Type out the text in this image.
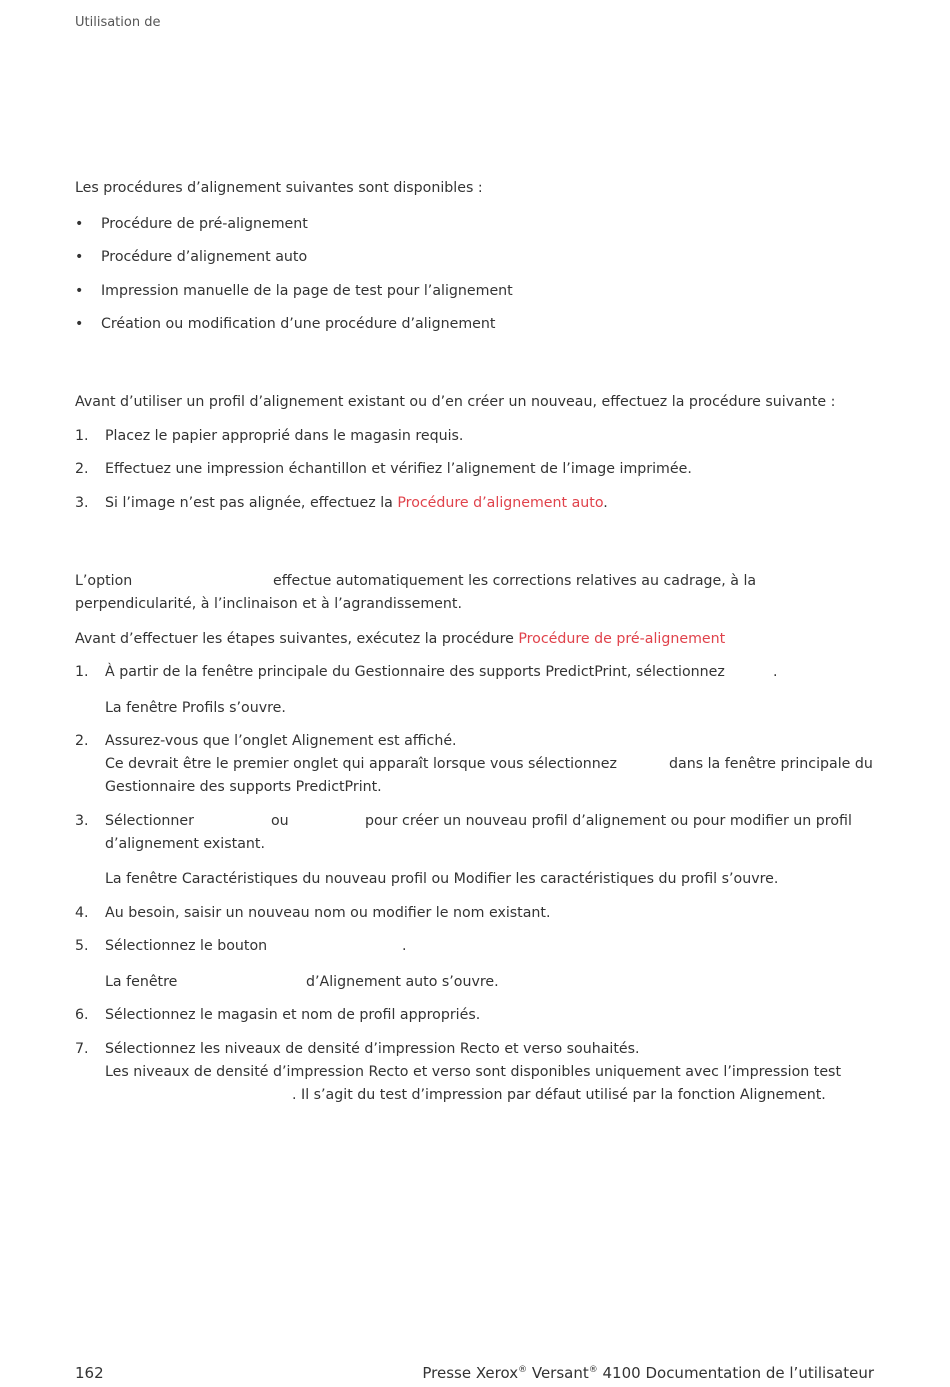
Utilisation de
Les procédures d’alignement suivantes sont disponibles :
• Procédure de pré-alignement
• Procédure d’alignement auto
• Impression manuelle de la page de test pour l’alignement
• Création ou modification d’une procédure d’alignement
Avant d’utiliser un profil d’alignement existant ou d’en créer un nouveau, effectuez la procédure suivante :
1. Placez le papier approprié dans le magasin requis.
2. Effectuez une impression échantillon et vérifiez l’alignement de l’image imprimée.
3. Si l’image n’est pas alignée, effectuez la Procédure d’alignement auto.
L’option	effectue automatiquement les corrections relatives au cadrage, à la
perpendicularité, à l’inclinaison et à l’agrandissement.
Avant d’effectuer les étapes suivantes, exécutez la procédure Procédure de pré-alignement
1. À partir de la fenêtre principale du Gestionnaire des supports PredictPrint, sélectionnez	.
La fenêtre Profils s’ouvre.
2. Assurez-vous que l’onglet Alignement est affiché.
Ce devrait être le premier onglet qui apparaît lorsque vous sélectionnez	dans la fenêtre principale du
Gestionnaire des supports PredictPrint.
3. Sélectionner	ou	pour créer un nouveau profil d’alignement ou pour modifier un profil
d’alignement existant.
La fenêtre Caractéristiques du nouveau profil ou Modifier les caractéristiques du profil s’ouvre.
4. Au besoin, saisir un nouveau nom ou modifier le nom existant.
5. Sélectionnez le bouton	.
La fenêtre	d’Alignement auto s’ouvre.
6. Sélectionnez le magasin et nom de profil appropriés.
7. Sélectionnez les niveaux de densité d’impression Recto et verso souhaités.
Les niveaux de densité d’impression Recto et verso sont disponibles uniquement avec l’impression test
. Il s’agit du test d’impression par défaut utilisé par la fonction Alignement.
162	Presse Xerox® Versant® 4100 Documentation de l’utilisateur
